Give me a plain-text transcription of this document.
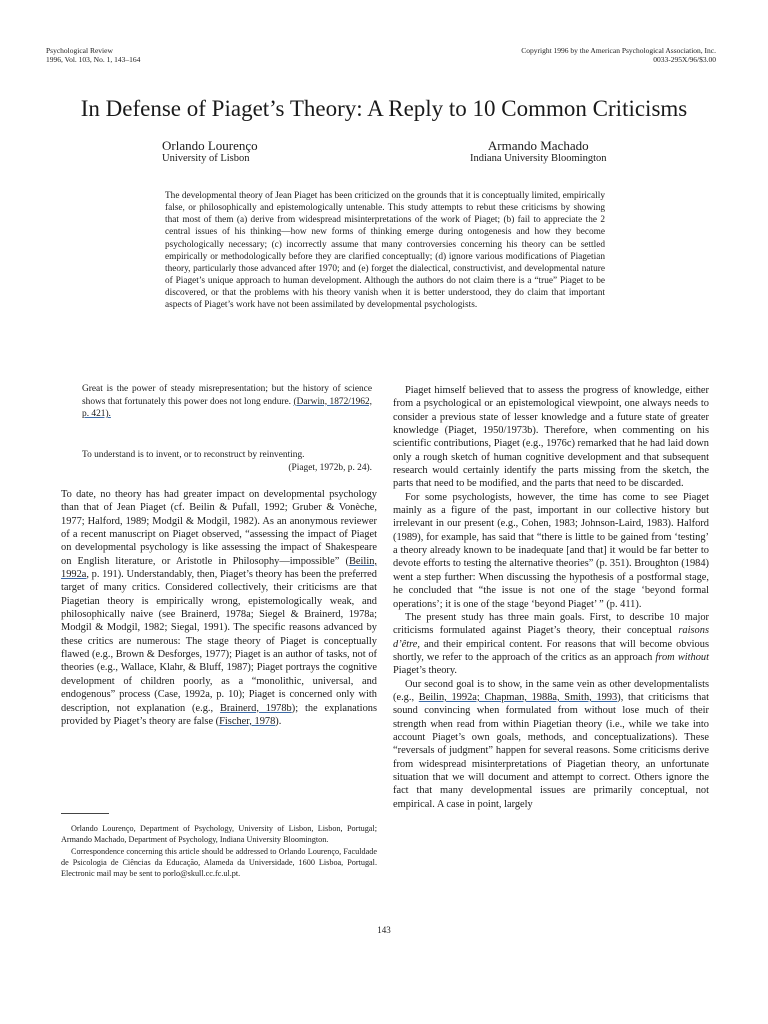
Psychological Review
1996, Vol. 103, No. 1, 143–164
Copyright 1996 by the American Psychological Association, Inc.
0033-295X/96/$3.00
In Defense of Piaget’s Theory: A Reply to 10 Common Criticisms
Orlando Lourenço
University of Lisbon
Armando Machado
Indiana University Bloomington

The developmental theory of Jean Piaget has been criticized on the grounds that it is conceptually limited, empirically false, or philosophically and epistemologically untenable. This study attempts to rebut these criticisms by showing that most of them (a) derive from widespread misinterpretations of the work of Piaget; (b) fail to appreciate the 2 central issues of his thinking—how new forms of thinking emerge during ontogenesis and how they become psychologically necessary; (c) incorrectly assume that many controversies concerning his theory can be settled empirically or methodologically before they are clarified conceptually; (d) ignore various modifications of Piagetian theory, particularly those advanced after 1970; and (e) forget the dialectical, constructivist, and developmental nature of Piaget’s unique approach to human development. Although the authors do not claim there is a “true” Piaget to be discovered, or that the problems with his theory vanish when it is better understood, they do claim that important aspects of Piaget’s work have not been assimilated by developmental psychologists.

Great is the power of steady misrepresentation; but the history of science shows that fortunately this power does not long endure. (Darwin, 1872/1962, p. 421).
To understand is to invent, or to reconstruct by reinventing.
(Piaget, 1972b, p. 24).

To date, no theory has had greater impact on developmental psychology than that of Jean Piaget (cf. Beilin & Pufall, 1992; Gruber & Vonèche, 1977; Halford, 1989; Modgil & Modgil, 1982). As an anonymous reviewer of a recent manuscript on Piaget observed, “assessing the impact of Piaget on developmental psychology is like assessing the impact of Shakespeare on English literature, or Aristotle in Philosophy—impossible” (Beilin, 1992a, p. 191). Understandably, then, Piaget’s theory has been the preferred target of many critics. Considered collectively, their criticisms are that Piagetian theory is empirically wrong, epistemologically weak, and philosophically naive (see Brainerd, 1978a; Siegel & Brainerd, 1978a; Modgil & Modgil, 1982; Siegal, 1991). The specific reasons advanced by these critics are numerous: The stage theory of Piaget is conceptually flawed (e.g., Brown & Desforges, 1977); Piaget is an author of tasks, not of theories (e.g., Wallace, Klahr, & Bluff, 1987); Piaget portrays the cognitive development of children poorly, as a “monolithic, universal, and endogenous” process (Case, 1992a, p. 10); Piaget is concerned only with description, not explanation (e.g., Brainerd, 1978b); the explanations provided by Piaget’s theory are false (Fischer, 1978).

Orlando Lourenço, Department of Psychology, University of Lisbon, Lisbon, Portugal; Armando Machado, Department of Psychology, Indiana University Bloomington.

Correspondence concerning this article should be addressed to Orlando Lourenço, Faculdade de Psicologia de Ciências da Educação, Alameda da Universidade, 1600 Lisboa, Portugal. Electronic mail may be sent to porlo@skull.cc.fc.ul.pt.

Piaget himself believed that to assess the progress of knowledge, either from a psychological or an epistemological viewpoint, one always needs to consider a previous state of lesser knowledge and a future state of greater knowledge (Piaget, 1950/1973b). Therefore, when commenting on his scientific contributions, Piaget (e.g., 1976c) remarked that he had laid down only a rough sketch of human cognitive development and that subsequent research would certainly identify the parts missing from the sketch, the parts that need to be modified, and the parts that need to be discarded.

For some psychologists, however, the time has come to see Piaget mainly as a figure of the past, important in our collective history but irrelevant in our present (e.g., Cohen, 1983; Johnson-Laird, 1983). Halford (1989), for example, has said that “there is little to be gained from ‘testing’ a theory already known to be inadequate [and that] it would be far better to devote efforts to testing the alternative theories” (p. 351). Broughton (1984) went a step further: When discussing the hypothesis of a postformal stage, he concluded that “the issue is not one of the stage ‘beyond formal operations’; it is one of the stage ‘beyond Piaget’ ” (p. 411).

The present study has three main goals. First, to describe 10 major criticisms formulated against Piaget’s theory, their conceptual raisons d’être, and their empirical content. For reasons that will become obvious shortly, we refer to the approach of the critics as an approach from without Piaget’s theory.

Our second goal is to show, in the same vein as other developmentalists (e.g., Beilin, 1992a; Chapman, 1988a, Smith, 1993), that criticisms that sound convincing when formulated from without lose much of their strength when read from within Piagetian theory (i.e., while we take into account Piaget’s own goals, methods, and conceptualizations). These “reversals of judgment” happen for several reasons. Some criticisms derive from widespread misinterpretations of Piagetian theory, an unfortunate situation that we will document and attempt to correct. Others ignore the fact that many developmental issues are primarily conceptual, not empirical. A case in point, largely

143
